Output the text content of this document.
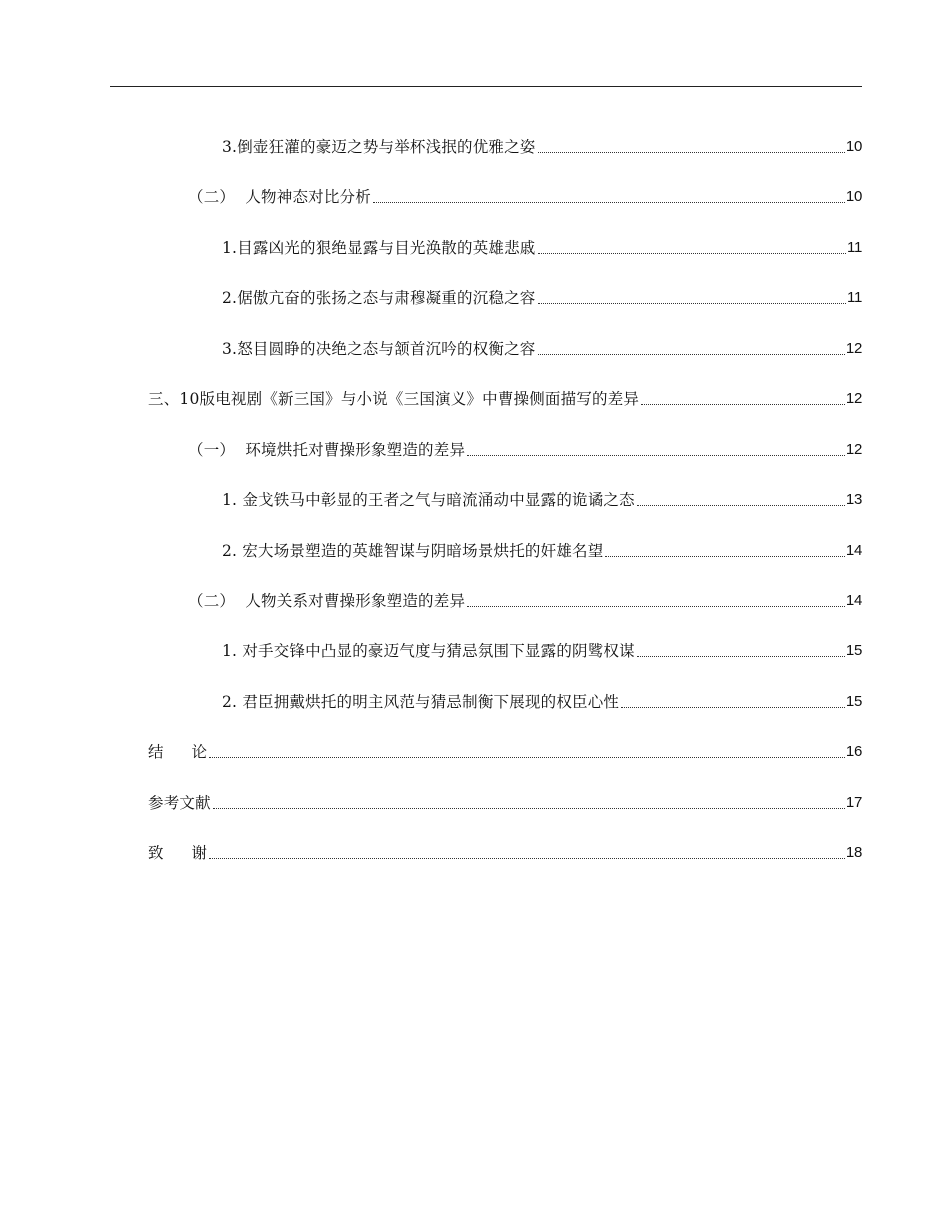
3.倒壶狂灌的豪迈之势与举杯浅抿的优雅之姿	10
（二）  人物神态对比分析	10
1.目露凶光的狠绝显露与目光涣散的英雄悲戚	11
2.倨傲亢奋的张扬之态与肃穆凝重的沉稳之容	11
3.怒目圆睁的决绝之态与颔首沉吟的权衡之容	12
三、10版电视剧《新三国》与小说《三国演义》中曹操侧面描写的差异	12
（一）  环境烘托对曹操形象塑造的差异	12
1. 金戈铁马中彰显的王者之气与暗流涌动中显露的诡谲之态	13
2. 宏大场景塑造的英雄智谋与阴暗场景烘托的奸雄名望	14
（二）  人物关系对曹操形象塑造的差异	14
1. 对手交锋中凸显的豪迈气度与猜忌氛围下显露的阴骘权谋	15
2. 君臣拥戴烘托的明主风范与猜忌制衡下展现的权臣心性	15
结 论	16
参考文献	17
致 谢	18
